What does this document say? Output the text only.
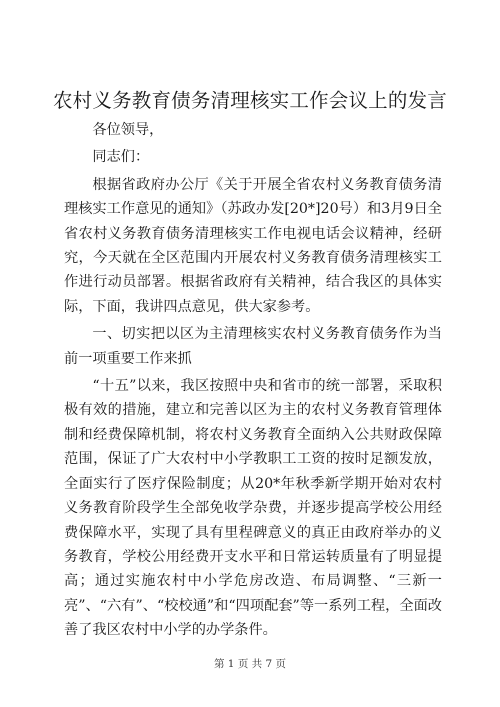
农村义务教育债务清理核实工作会议上的发言

各位领导，

同志们：

根据省政府办公厅《关于开展全省农村义务教育债务清理核实工作意见的通知》（苏政办发[20*]20号）和3月9日全省农村义务教育债务清理核实工作电视电话会议精神，经研究，今天就在全区范围内开展农村义务教育债务清理核实工作进行动员部署。根据省政府有关精神，结合我区的具体实际，下面，我讲四点意见，供大家参考。

一、切实把以区为主清理核实农村义务教育债务作为当前一项重要工作来抓

“十五”以来，我区按照中央和省市的统一部署，采取积极有效的措施，建立和完善以区为主的农村义务教育管理体制和经费保障机制，将农村义务教育全面纳入公共财政保障范围，保证了广大农村中小学教职工工资的按时足额发放，全面实行了医疗保险制度；从20*年秋季新学期开始对农村义务教育阶段学生全部免收学杂费，并逐步提高学校公用经费保障水平，实现了具有里程碑意义的真正由政府举办的义务教育，学校公用经费开支水平和日常运转质量有了明显提高；通过实施农村中小学危房改造、布局调整、“三新一亮”、“六有”、“校校通”和“四项配套”等一系列工程，全面改善了我区农村中小学的办学条件。

第 1 页 共 7 页
